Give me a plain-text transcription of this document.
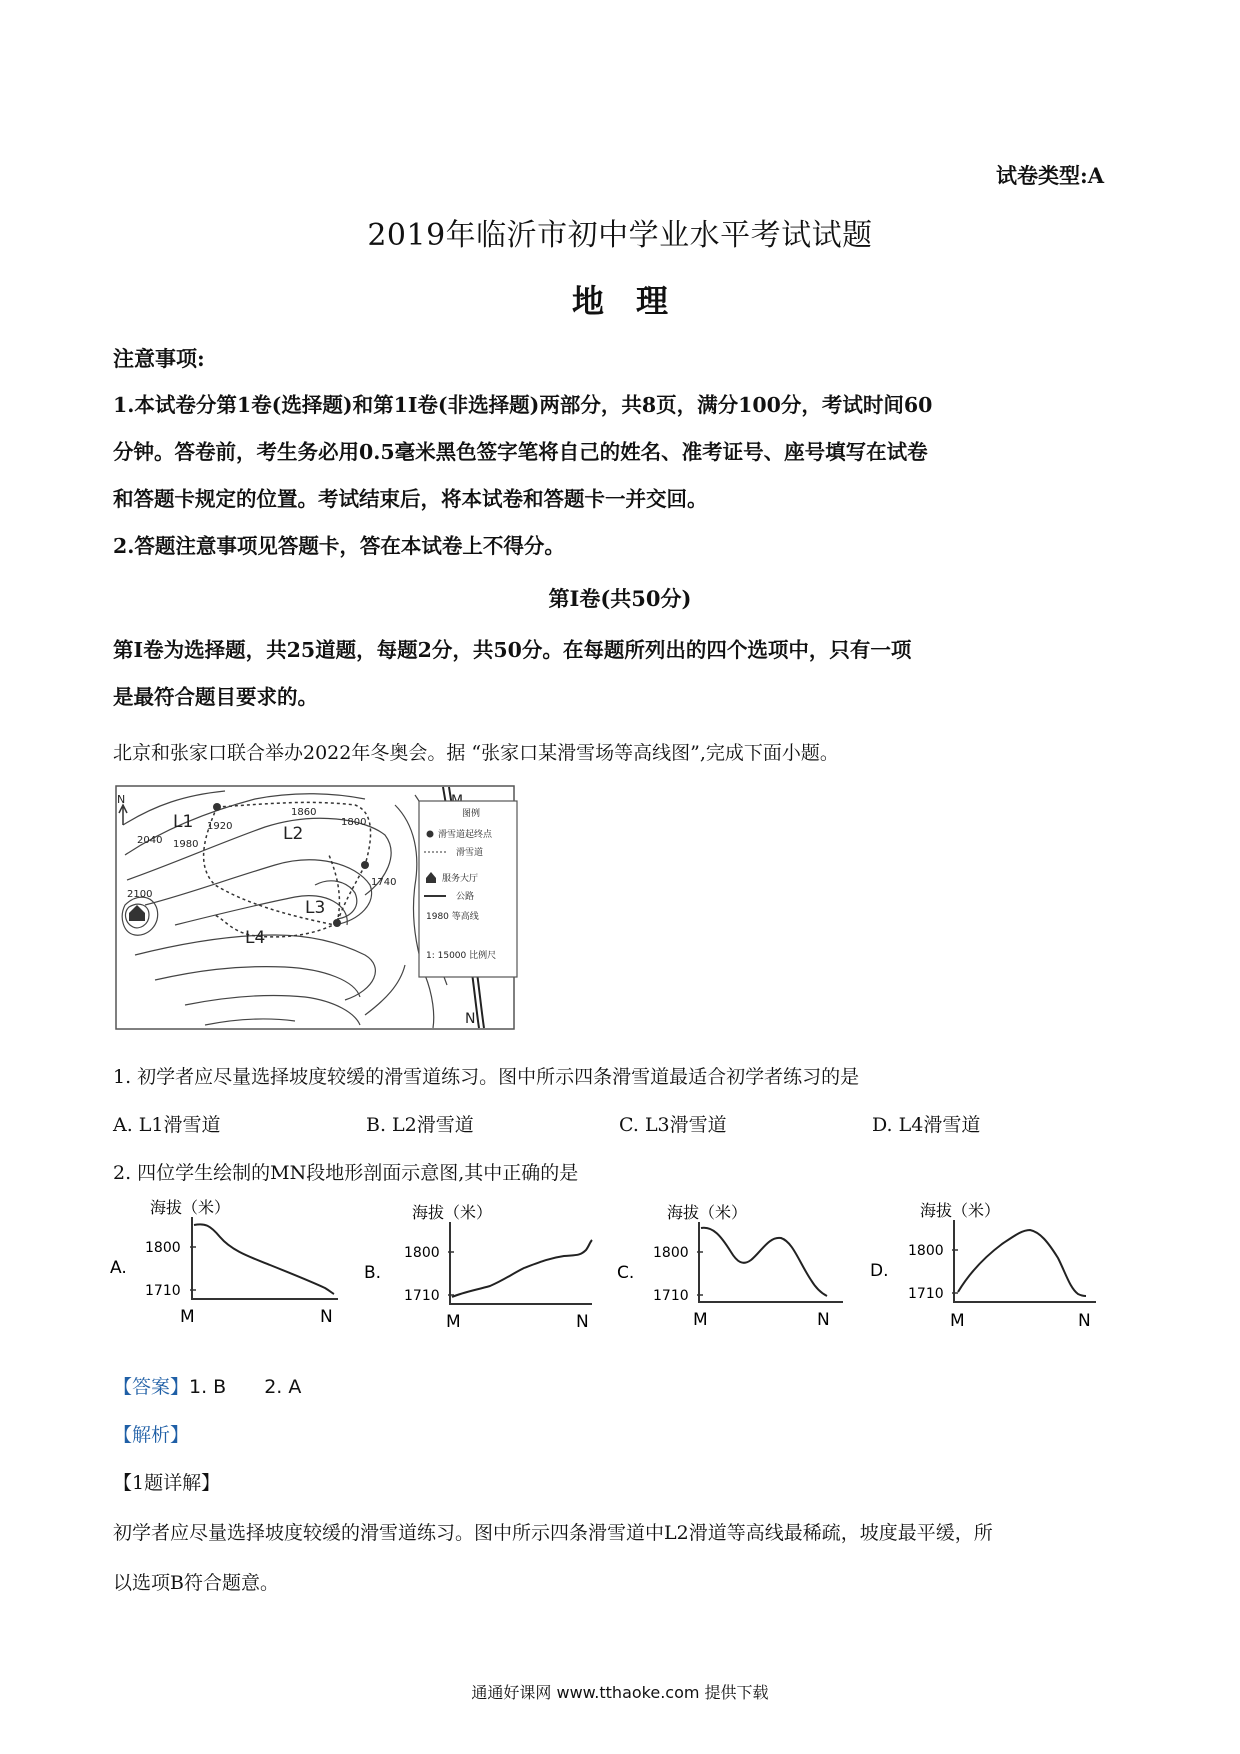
试卷类型:A
2019年临沂市初中学业水平考试试题
地　理
注意事项:
1.本试卷分第1卷(选择题)和第1I卷(非选择题)两部分，共8页，满分100分，考试时间60
分钟。答卷前，考生务必用0.5毫米黑色签字笔将自己的姓名、准考证号、座号填写在试卷
和答题卡规定的位置。考试结束后，将本试卷和答题卡一并交回。
2.答题注意事项见答题卡，答在本试卷上不得分。
第I卷(共50分)
第I卷为选择题，共25道题，每题2分，共50分。在每题所列出的四个选项中，只有一项
是最符合题目要求的。
北京和张家口联合举办2022年冬奥会。据 “张家口某滑雪场等高线图”,完成下面小题。
N
N
L1
L2
L3
L4
1860
1800
1920
1980
2040
2100
1740
图例
滑雪道起终点
滑雪道
服务大厅
公路
1980 等高线
1: 15000 比例尺
1. 初学者应尽量选择坡度较缓的滑雪道练习。图中所示四条滑雪道最适合初学者练习的是
A. L1滑雪道	B. L2滑雪道	C. L3滑雪道	D. L4滑雪道
2. 四位学生绘制的MN段地形剖面示意图,其中正确的是
A.
海拔（米）
1800
1710
M	N
B.
海拔（米）
1800
1710
M	N
C.
海拔（米）
1800
1710
M	N
D.
海拔（米）
1800
1710
M	N
【答案】1. B 2. A
【解析】
【1题详解】
初学者应尽量选择坡度较缓的滑雪道练习。图中所示四条滑雪道中L2滑道等高线最稀疏，坡度最平缓，所
以选项B符合题意。
通通好课网 www.tthaoke.com 提供下载
